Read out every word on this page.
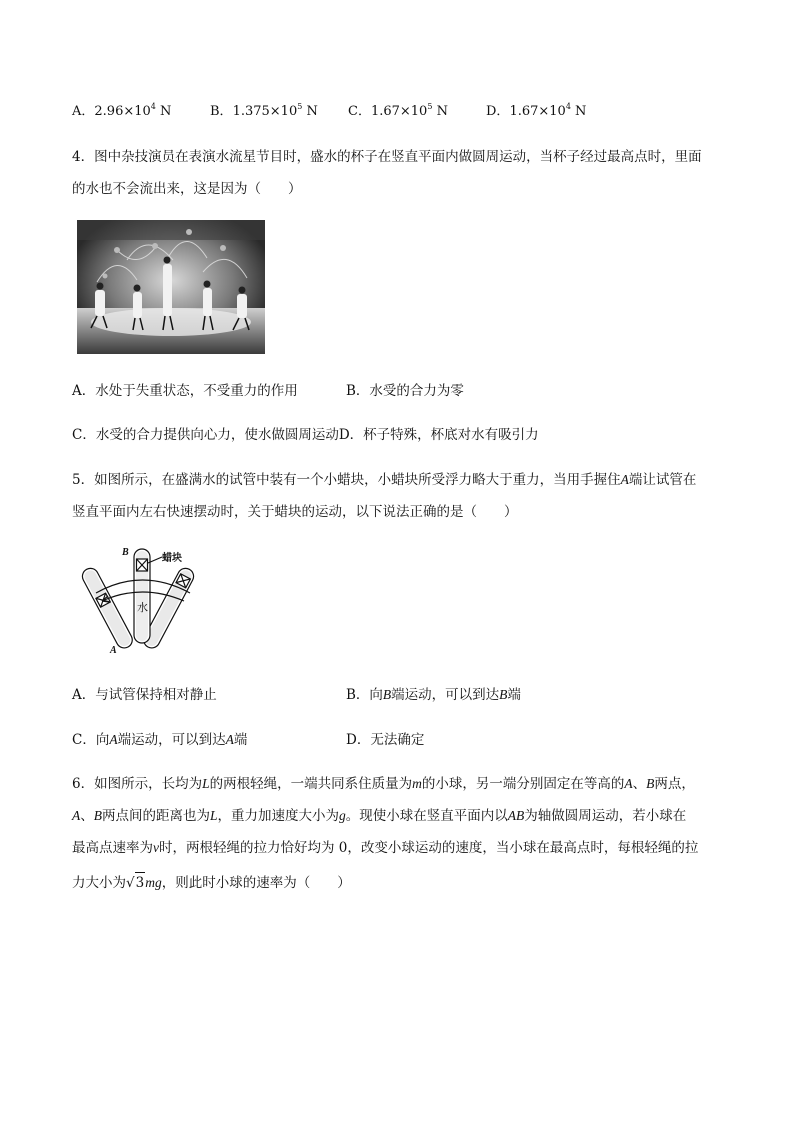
A．$2.96\times 10^4$ N	B．$1.375\times 10^5$ N C．$1.67\times 10^5$ N	D．$1.67\times 10^4$ N
4．图中杂技演员在表演水流星节目时，盛水的杯子在竖直平面内做圆周运动，当杯子经过最高点时，里面
的水也不会流出来，这是因为（　　）
A．水处于失重状态，不受重力的作用	B．水受的合力为零
C．水受的合力提供向心力，使水做圆周运动D．杯子特殊，杯底对水有吸引力
5．如图所示，在盛满水的试管中装有一个小蜡块，小蜡块所受浮力略大于重力，当用手握住A端让试管在
竖直平面内左右快速摆动时，关于蜡块的运动，以下说法正确的是（　　）
B
A
蜡块
水
A．与试管保持相对静止	B．向B端运动，可以到达B端
C．向A端运动，可以到达A端	D．无法确定
6．如图所示，长均为L的两根轻绳，一端共同系住质量为m的小球，另一端分别固定在等高的A、B两点，
A、B两点间的距离也为L，重力加速度大小为g。现使小球在竖直平面内以AB为轴做圆周运动，若小球在
最高点速率为v时，两根轻绳的拉力恰好均为 0，改变小球运动的速度，当小球在最高点时，每根轻绳的拉
力大小为√3mg，则此时小球的速率为（　　）
